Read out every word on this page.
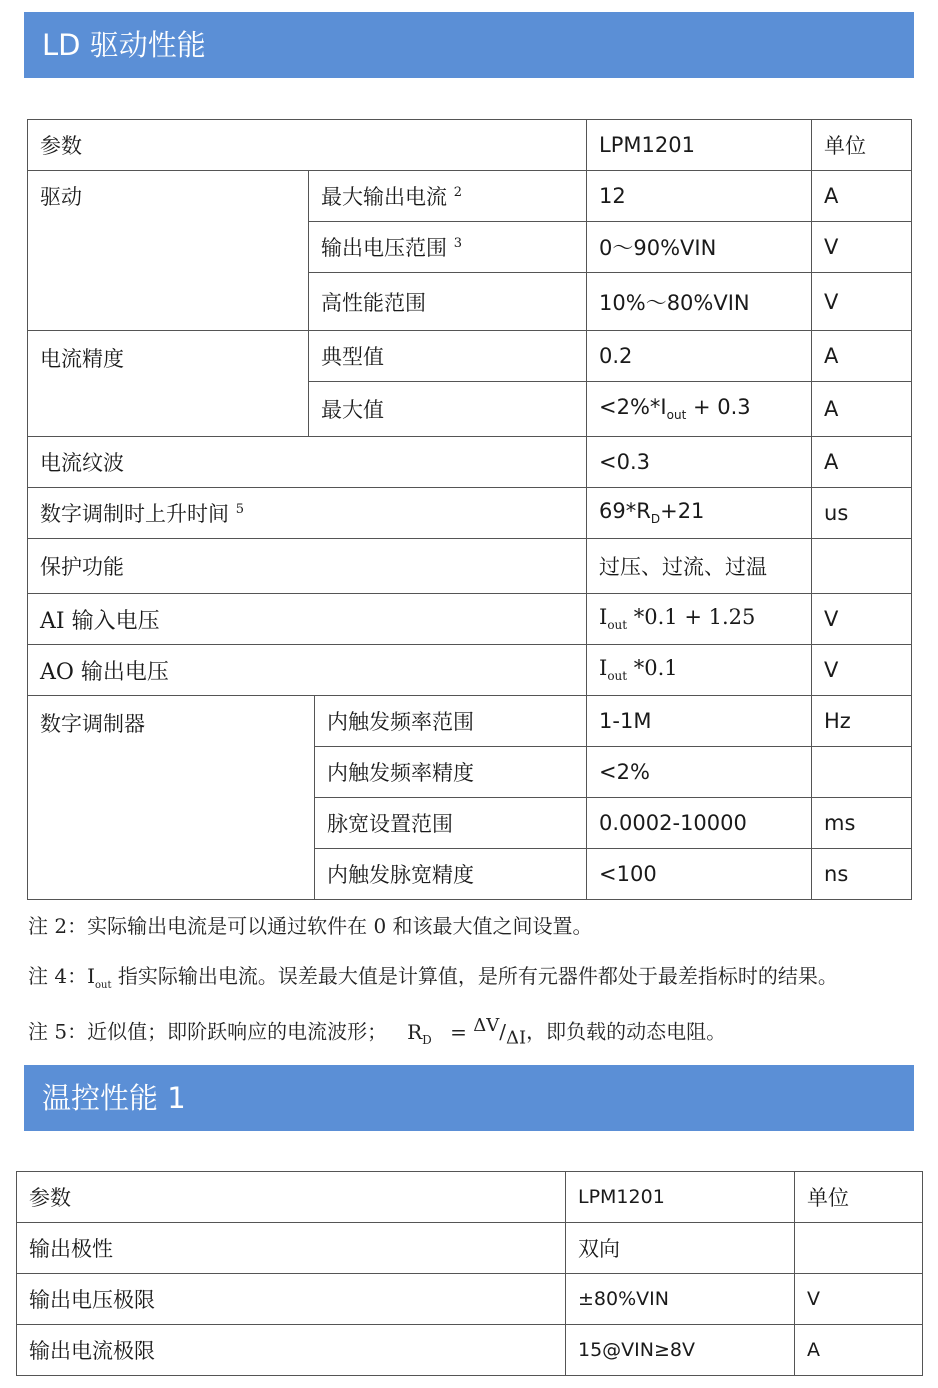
LD 驱动性能
参数			LPM1201	单位
驱动	最大输出电流 $^2$		12	A
	输出电压范围 $^3$		0～90%VIN	V
	高性能范围		10%～80%VIN	V
电流精度	典型值		0.2	A
	最大值		$<2\%*I_{out} + 0.3$	A
电流纹波			<0.3	A
数字调制时上升时间 $^5$			$69*R_D+21$	us
保护功能			过压、过流、过温	
AI 输入电压			$I_{out}$ *0.1 + 1.25	V
AO 输出电压			$I_{out}$ *0.1	V
数字调制器		内触发频率范围	1-1M	Hz
		内触发频率精度	<2%	
		脉宽设置范围	0.0002-10000	ms
		内触发脉宽精度	<100	ns
注 2：实际输出电流是可以通过软件在 0 和该最大值之间设置。
注 4：$I_{out}$ 指实际输出电流。误差最大值是计算值，是所有元器件都处于最差指标时的结果。
注 5：近似值；即阶跃响应的电流波形； $R_D = ^{\Delta V}/_{\Delta I}$，即负载的动态电阻。
温控性能 1
参数	LPM1201	单位
输出极性	双向	
输出电压极限	±80%VIN	V
输出电流极限	15@VIN≥8V	A
